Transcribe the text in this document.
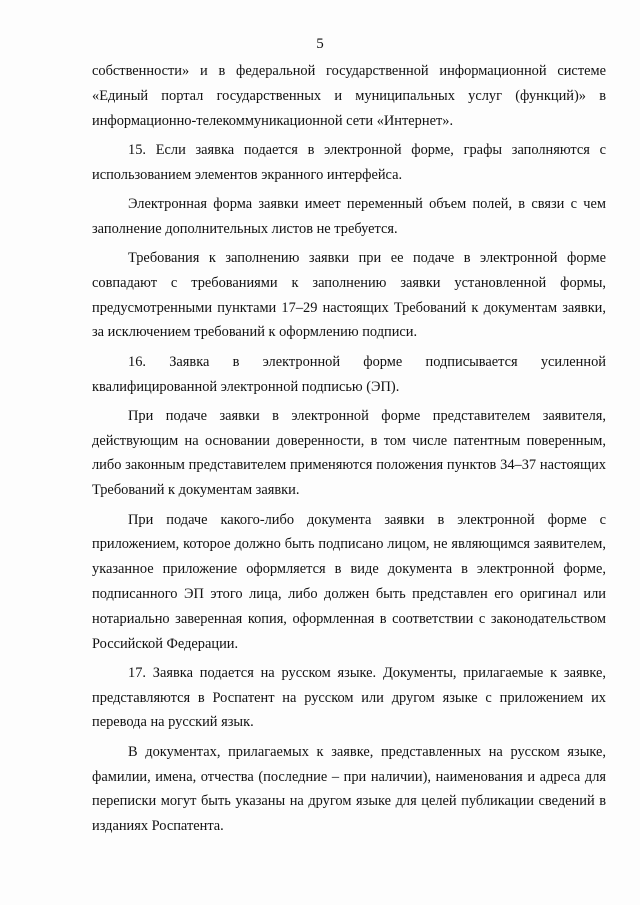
5

собственности» и в федеральной государственной информационной системе «Единый портал государственных и муниципальных услуг (функций)» в информационно-телекоммуникационной сети «Интернет».

15. Если заявка подается в электронной форме, графы заполняются с использованием элементов экранного интерфейса.

Электронная форма заявки имеет переменный объем полей, в связи с чем заполнение дополнительных листов не требуется.

Требования к заполнению заявки при ее подаче в электронной форме совпадают с требованиями к заполнению заявки установленной формы, предусмотренными пунктами 17–29 настоящих Требований к документам заявки, за исключением требований к оформлению подписи.

16. Заявка в электронной форме подписывается усиленной квалифицированной электронной подписью (ЭП).

При подаче заявки в электронной форме представителем заявителя, действующим на основании доверенности, в том числе патентным поверенным, либо законным представителем применяются положения пунктов 34–37 настоящих Требований к документам заявки.

При подаче какого-либо документа заявки в электронной форме с приложением, которое должно быть подписано лицом, не являющимся заявителем, указанное приложение оформляется в виде документа в электронной форме, подписанного ЭП этого лица, либо должен быть представлен его оригинал или нотариально заверенная копия, оформленная в соответствии с законодательством Российской Федерации.

17. Заявка подается на русском языке. Документы, прилагаемые к заявке, представляются в Роспатент на русском или другом языке с приложением их перевода на русский язык.

В документах, прилагаемых к заявке, представленных на русском языке, фамилии, имена, отчества (последние – при наличии), наименования и адреса для переписки могут быть указаны на другом языке для целей публикации сведений в изданиях Роспатента.
